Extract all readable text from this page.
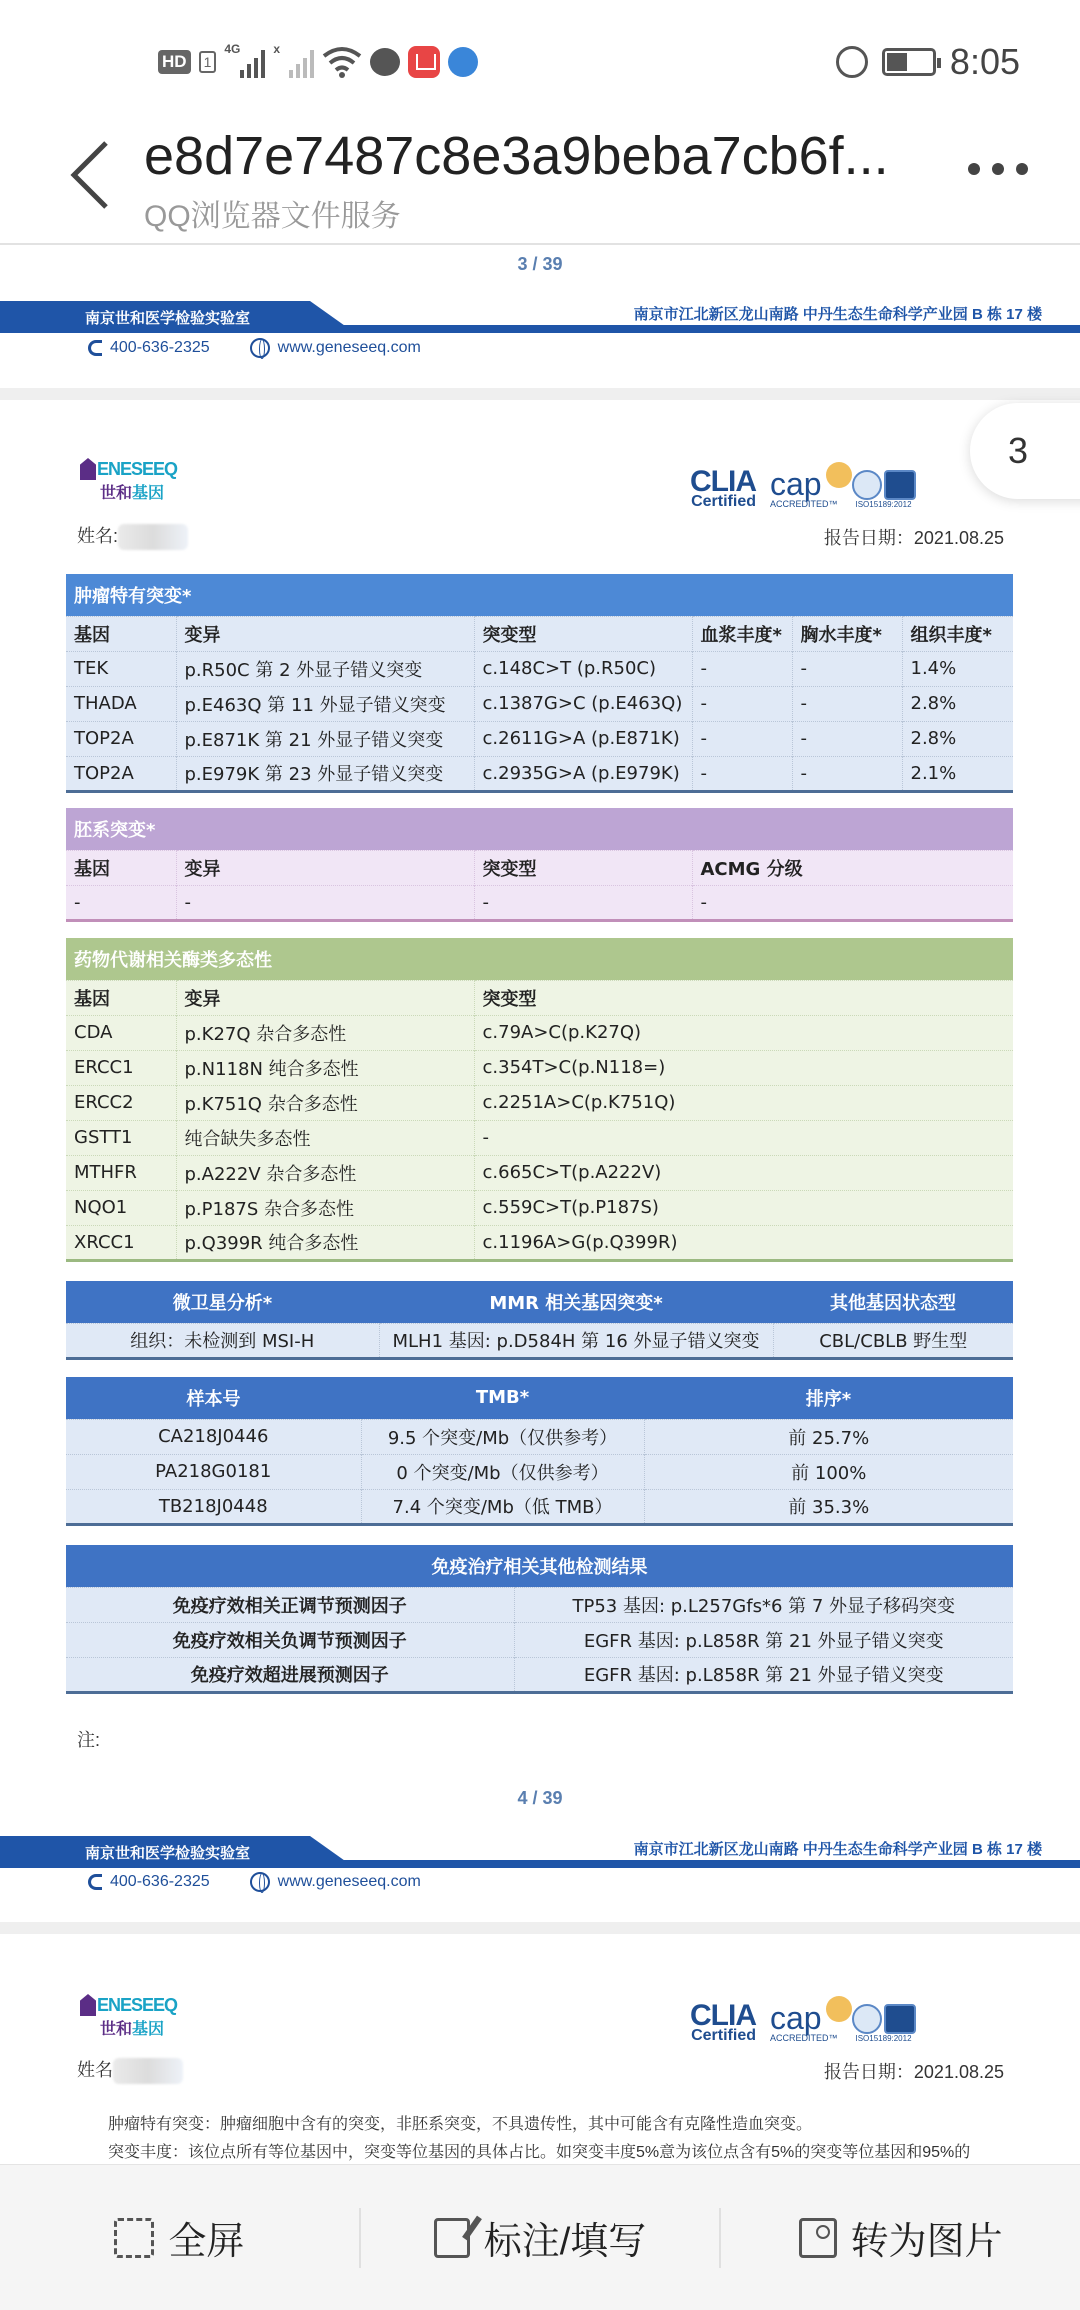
HD	1
4G	x	8:05
e8d7e7487c8e3a9beba7cb6f...
QQ浏览器文件服务
3 / 39
南京世和医学检验实验室	南京市江北新区龙山南路 中丹生态生命科学产业园 B 栋 17 楼
400-636-2325	www.geneseeq.com
ENESEEQ
世和基因	CLIA
Certified cap
ACCREDITED™ ISO15189:2012
姓名:	报告日期：2021.08.25
肿瘤特有突变*					
基因	变异	突变型	血浆丰度*	胸水丰度*	组织丰度*
TEK	p.R50C 第 2 外显子错义突变	c.148C>T (p.R50C)	-	-	1.4%
THADA	p.E463Q 第 11 外显子错义突变	c.1387G>C (p.E463Q)	-	-	2.8%
TOP2A	p.E871K 第 21 外显子错义突变	c.2611G>A (p.E871K)	-	-	2.8%
TOP2A	p.E979K 第 23 外显子错义突变	c.2935G>A (p.E979K)	-	-	2.1%
胚系突变*			
基因	变异	突变型	ACMG 分级
-	-	-	-
药物代谢相关酶类多态性		
基因	变异	突变型
CDA	p.K27Q 杂合多态性	c.79A>C(p.K27Q)
ERCC1	p.N118N 纯合多态性	c.354T>C(p.N118=)
ERCC2	p.K751Q 杂合多态性	c.2251A>C(p.K751Q)
GSTT1	纯合缺失多态性	-
MTHFR	p.A222V 杂合多态性	c.665C>T(p.A222V)
NQO1	p.P187S 杂合多态性	c.559C>T(p.P187S)
XRCC1	p.Q399R 纯合多态性	c.1196A>G(p.Q399R)
微卫星分析*	MMR 相关基因突变*	其他基因状态型
组织：未检测到 MSI-H	MLH1 基因: p.D584H 第 16 外显子错义突变	CBL/CBLB 野生型
样本号	TMB*	排序*
CA218J0446	9.5 个突变/Mb（仅供参考）	前 25.7%
PA218G0181	0 个突变/Mb（仅供参考）	前 100%
TB218J0448	7.4 个突变/Mb（低 TMB）	前 35.3%
免疫治疗相关其他检测结果	
免疫疗效相关正调节预测因子	TP53 基因: p.L257Gfs*6 第 7 外显子移码突变
免疫疗效相关负调节预测因子	EGFR 基因: p.L858R 第 21 外显子错义突变
免疫疗效超进展预测因子	EGFR 基因: p.L858R 第 21 外显子错义突变
注:
4 / 39
南京世和医学检验实验室	南京市江北新区龙山南路 中丹生态生命科学产业园 B 栋 17 楼
400-636-2325	www.geneseeq.com
ENESEEQ
世和基因	CLIA
Certified cap
ACCREDITED™ ISO15189:2012
姓名	报告日期：2021.08.25
肿瘤特有突变：肿瘤细胞中含有的突变，非胚系突变，不具遗传性，其中可能含有克隆性造血突变。
突变丰度：该位点所有等位基因中，突变等位基因的具体占比。如突变丰度5%意为该位点含有5%的突变等位基因和95%的
3
全屏	标注/填写	转为图片
